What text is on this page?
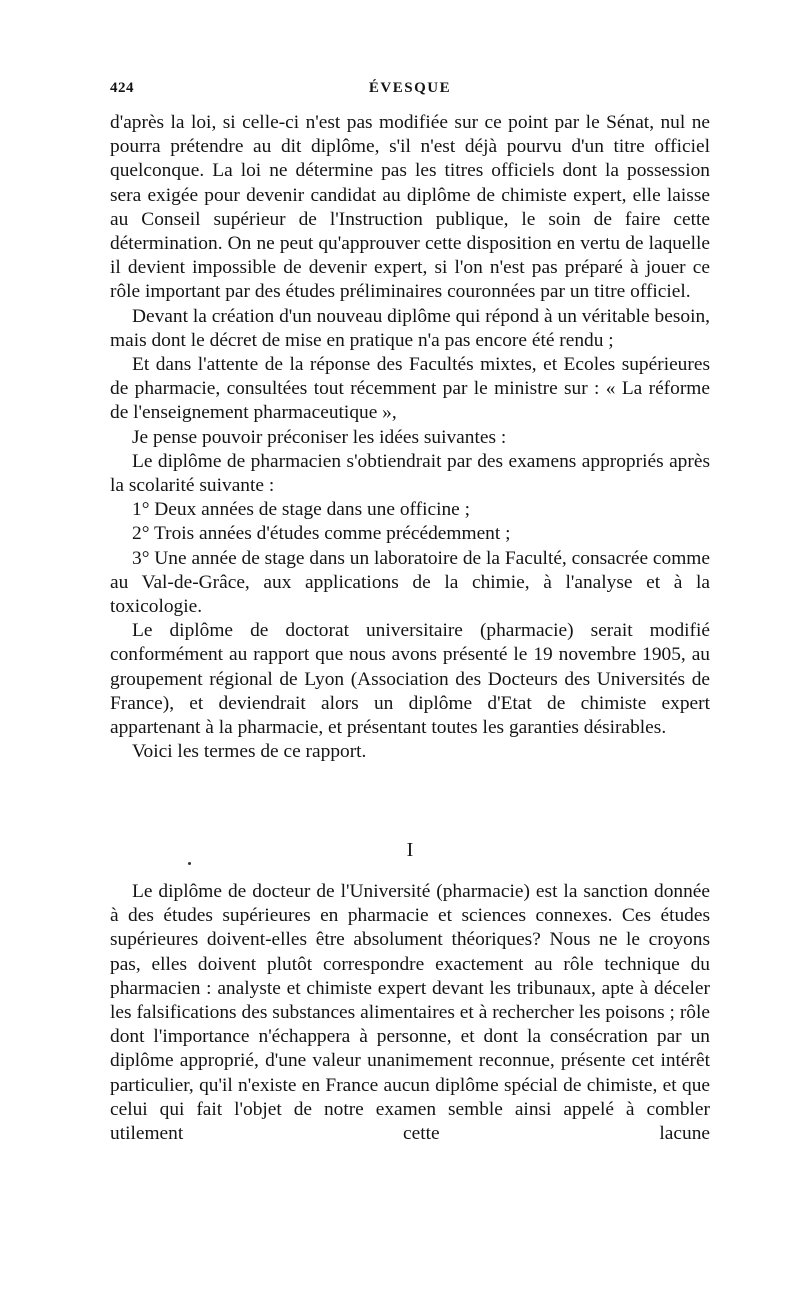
424	ÉVESQUE

d'après la loi, si celle-ci n'est pas modifiée sur ce point par le Sénat, nul ne pourra prétendre au dit diplôme, s'il n'est déjà pourvu d'un titre officiel quelconque. La loi ne détermine pas les titres officiels dont la possession sera exigée pour devenir candidat au diplôme de chimiste expert, elle laisse au Conseil supérieur de l'Instruction publique, le soin de faire cette détermination. On ne peut qu'approuver cette disposition en vertu de laquelle il devient impossible de devenir expert, si l'on n'est pas préparé à jouer ce rôle important par des études préliminaires couronnées par un titre officiel.

Devant la création d'un nouveau diplôme qui répond à un véritable besoin, mais dont le décret de mise en pratique n'a pas encore été rendu ;

Et dans l'attente de la réponse des Facultés mixtes, et Ecoles supérieures de pharmacie, consultées tout récemment par le ministre sur : « La réforme de l'enseignement pharmaceutique »,

Je pense pouvoir préconiser les idées suivantes :

Le diplôme de pharmacien s'obtiendrait par des examens appropriés après la scolarité suivante :

1° Deux années de stage dans une officine ;

2° Trois années d'études comme précédemment ;

3° Une année de stage dans un laboratoire de la Faculté, consacrée comme au Val-de-Grâce, aux applications de la chimie, à l'analyse et à la toxicologie.

Le diplôme de doctorat universitaire (pharmacie) serait modifié conformément au rapport que nous avons présenté le 19 novembre 1905, au groupement régional de Lyon (Association des Docteurs des Universités de France), et deviendrait alors un diplôme d'Etat de chimiste expert appartenant à la pharmacie, et présentant toutes les garanties désirables.

Voici les termes de ce rapport.

I

Le diplôme de docteur de l'Université (pharmacie) est la sanction donnée à des études supérieures en pharmacie et sciences connexes. Ces études supérieures doivent-elles être absolument théoriques? Nous ne le croyons pas, elles doivent plutôt correspondre exactement au rôle technique du pharmacien : analyste et chimiste expert devant les tribunaux, apte à déceler les falsifications des substances alimentaires et à rechercher les poisons ; rôle dont l'importance n'échappera à personne, et dont la consécration par un diplôme approprié, d'une valeur unanimement reconnue, présente cet intérêt particulier, qu'il n'existe en France aucun diplôme spécial de chimiste, et que celui qui fait l'objet de notre examen semble ainsi appelé à combler utilement cette lacune
